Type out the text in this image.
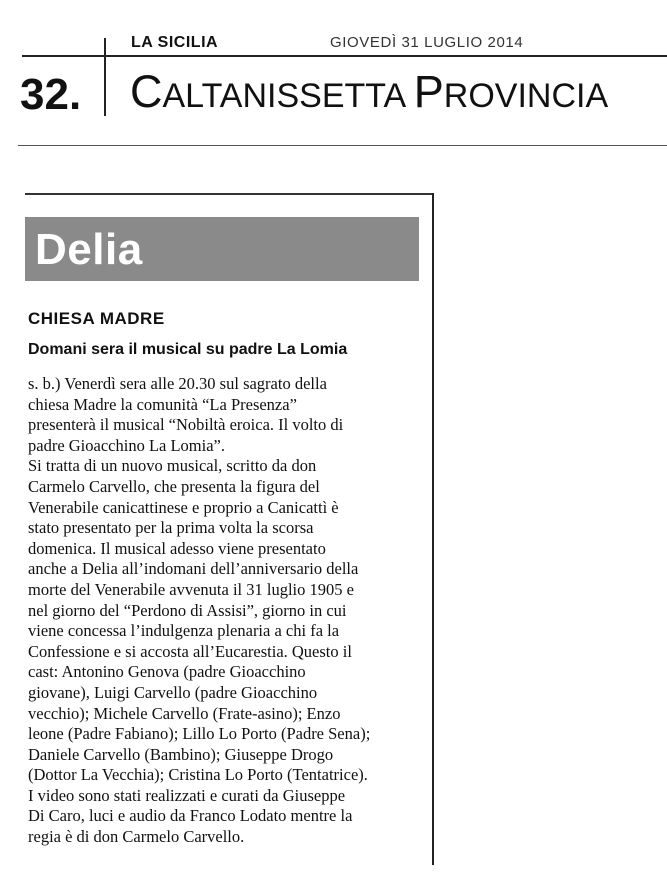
LA SICILIA	GIOVEDÌ 31 LUGLIO 2014
32. CALTANISSETTA PROVINCIA
Delia
CHIESA MADRE
Domani sera il musical su padre La Lomia
s. b.) Venerdì sera alle 20.30 sul sagrato della
chiesa Madre la comunità “La Presenza”
presenterà il musical “Nobiltà eroica. Il volto di
padre Gioacchino La Lomia”.
Si tratta di un nuovo musical, scritto da don
Carmelo Carvello, che presenta la figura del
Venerabile canicattinese e proprio a Canicattì è
stato presentato per la prima volta la scorsa
domenica. Il musical adesso viene presentato
anche a Delia all’indomani dell’anniversario della
morte del Venerabile avvenuta il 31 luglio 1905 e
nel giorno del “Perdono di Assisi”, giorno in cui
viene concessa l’indulgenza plenaria a chi fa la
Confessione e si accosta all’Eucarestia. Questo il
cast: Antonino Genova (padre Gioacchino
giovane), Luigi Carvello (padre Gioacchino
vecchio); Michele Carvello (Frate-asino); Enzo
leone (Padre Fabiano); Lillo Lo Porto (Padre Sena);
Daniele Carvello (Bambino); Giuseppe Drogo
(Dottor La Vecchia); Cristina Lo Porto (Tentatrice).
I video sono stati realizzati e curati da Giuseppe
Di Caro, luci e audio da Franco Lodato mentre la
regia è di don Carmelo Carvello.
